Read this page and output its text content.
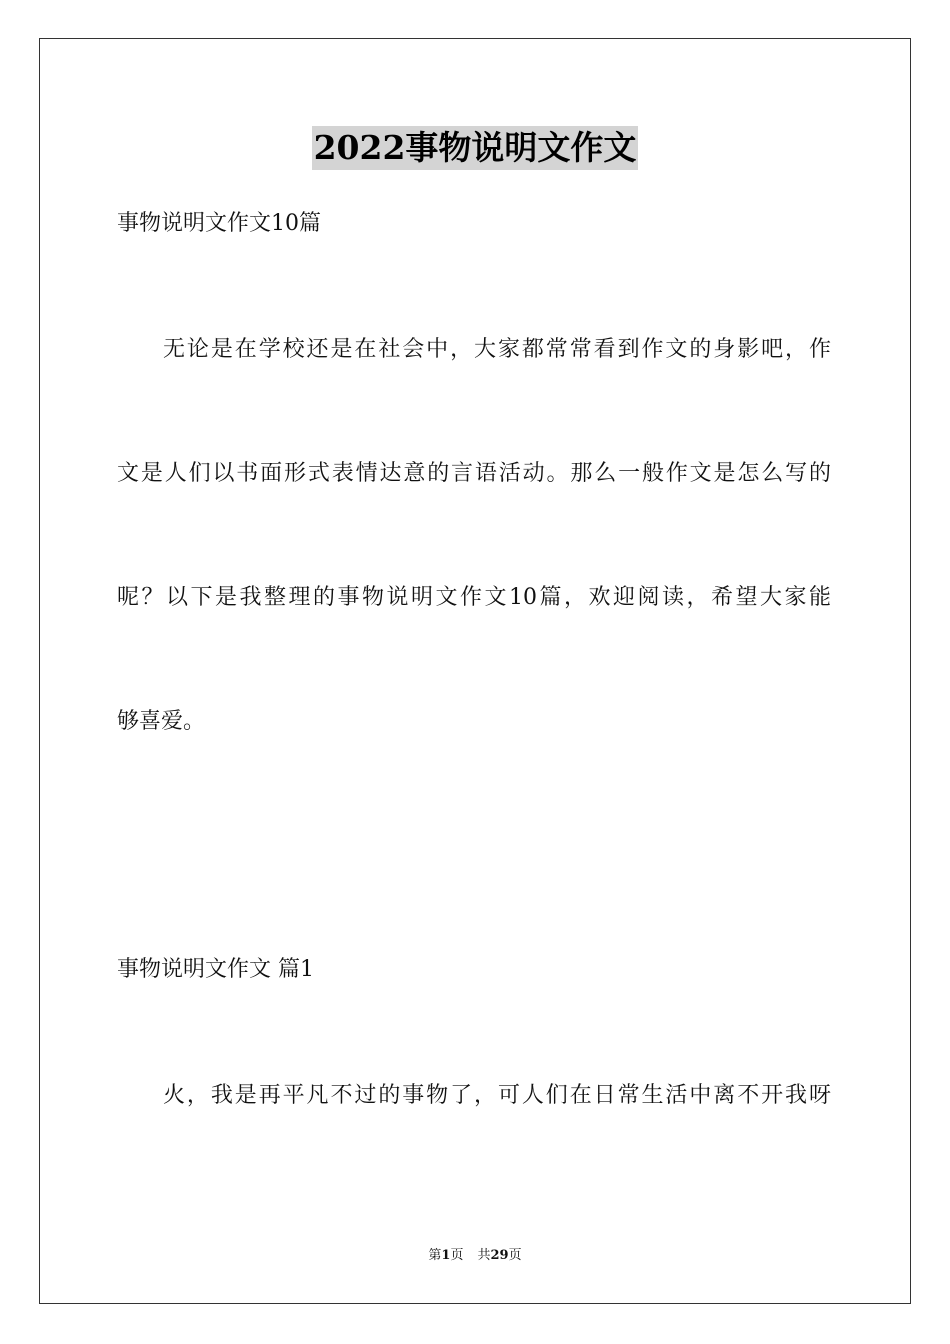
2022事物说明文作文
事物说明文作文10篇
无论是在学校还是在社会中，大家都常常看到作文的身影吧，作
文是人们以书面形式表情达意的言语活动。那么一般作文是怎么写的
呢？以下是我整理的事物说明文作文10篇，欢迎阅读，希望大家能
够喜爱。
事物说明文作文 篇1
火，我是再平凡不过的事物了，可人们在日常生活中离不开我呀
第1页 共29页
